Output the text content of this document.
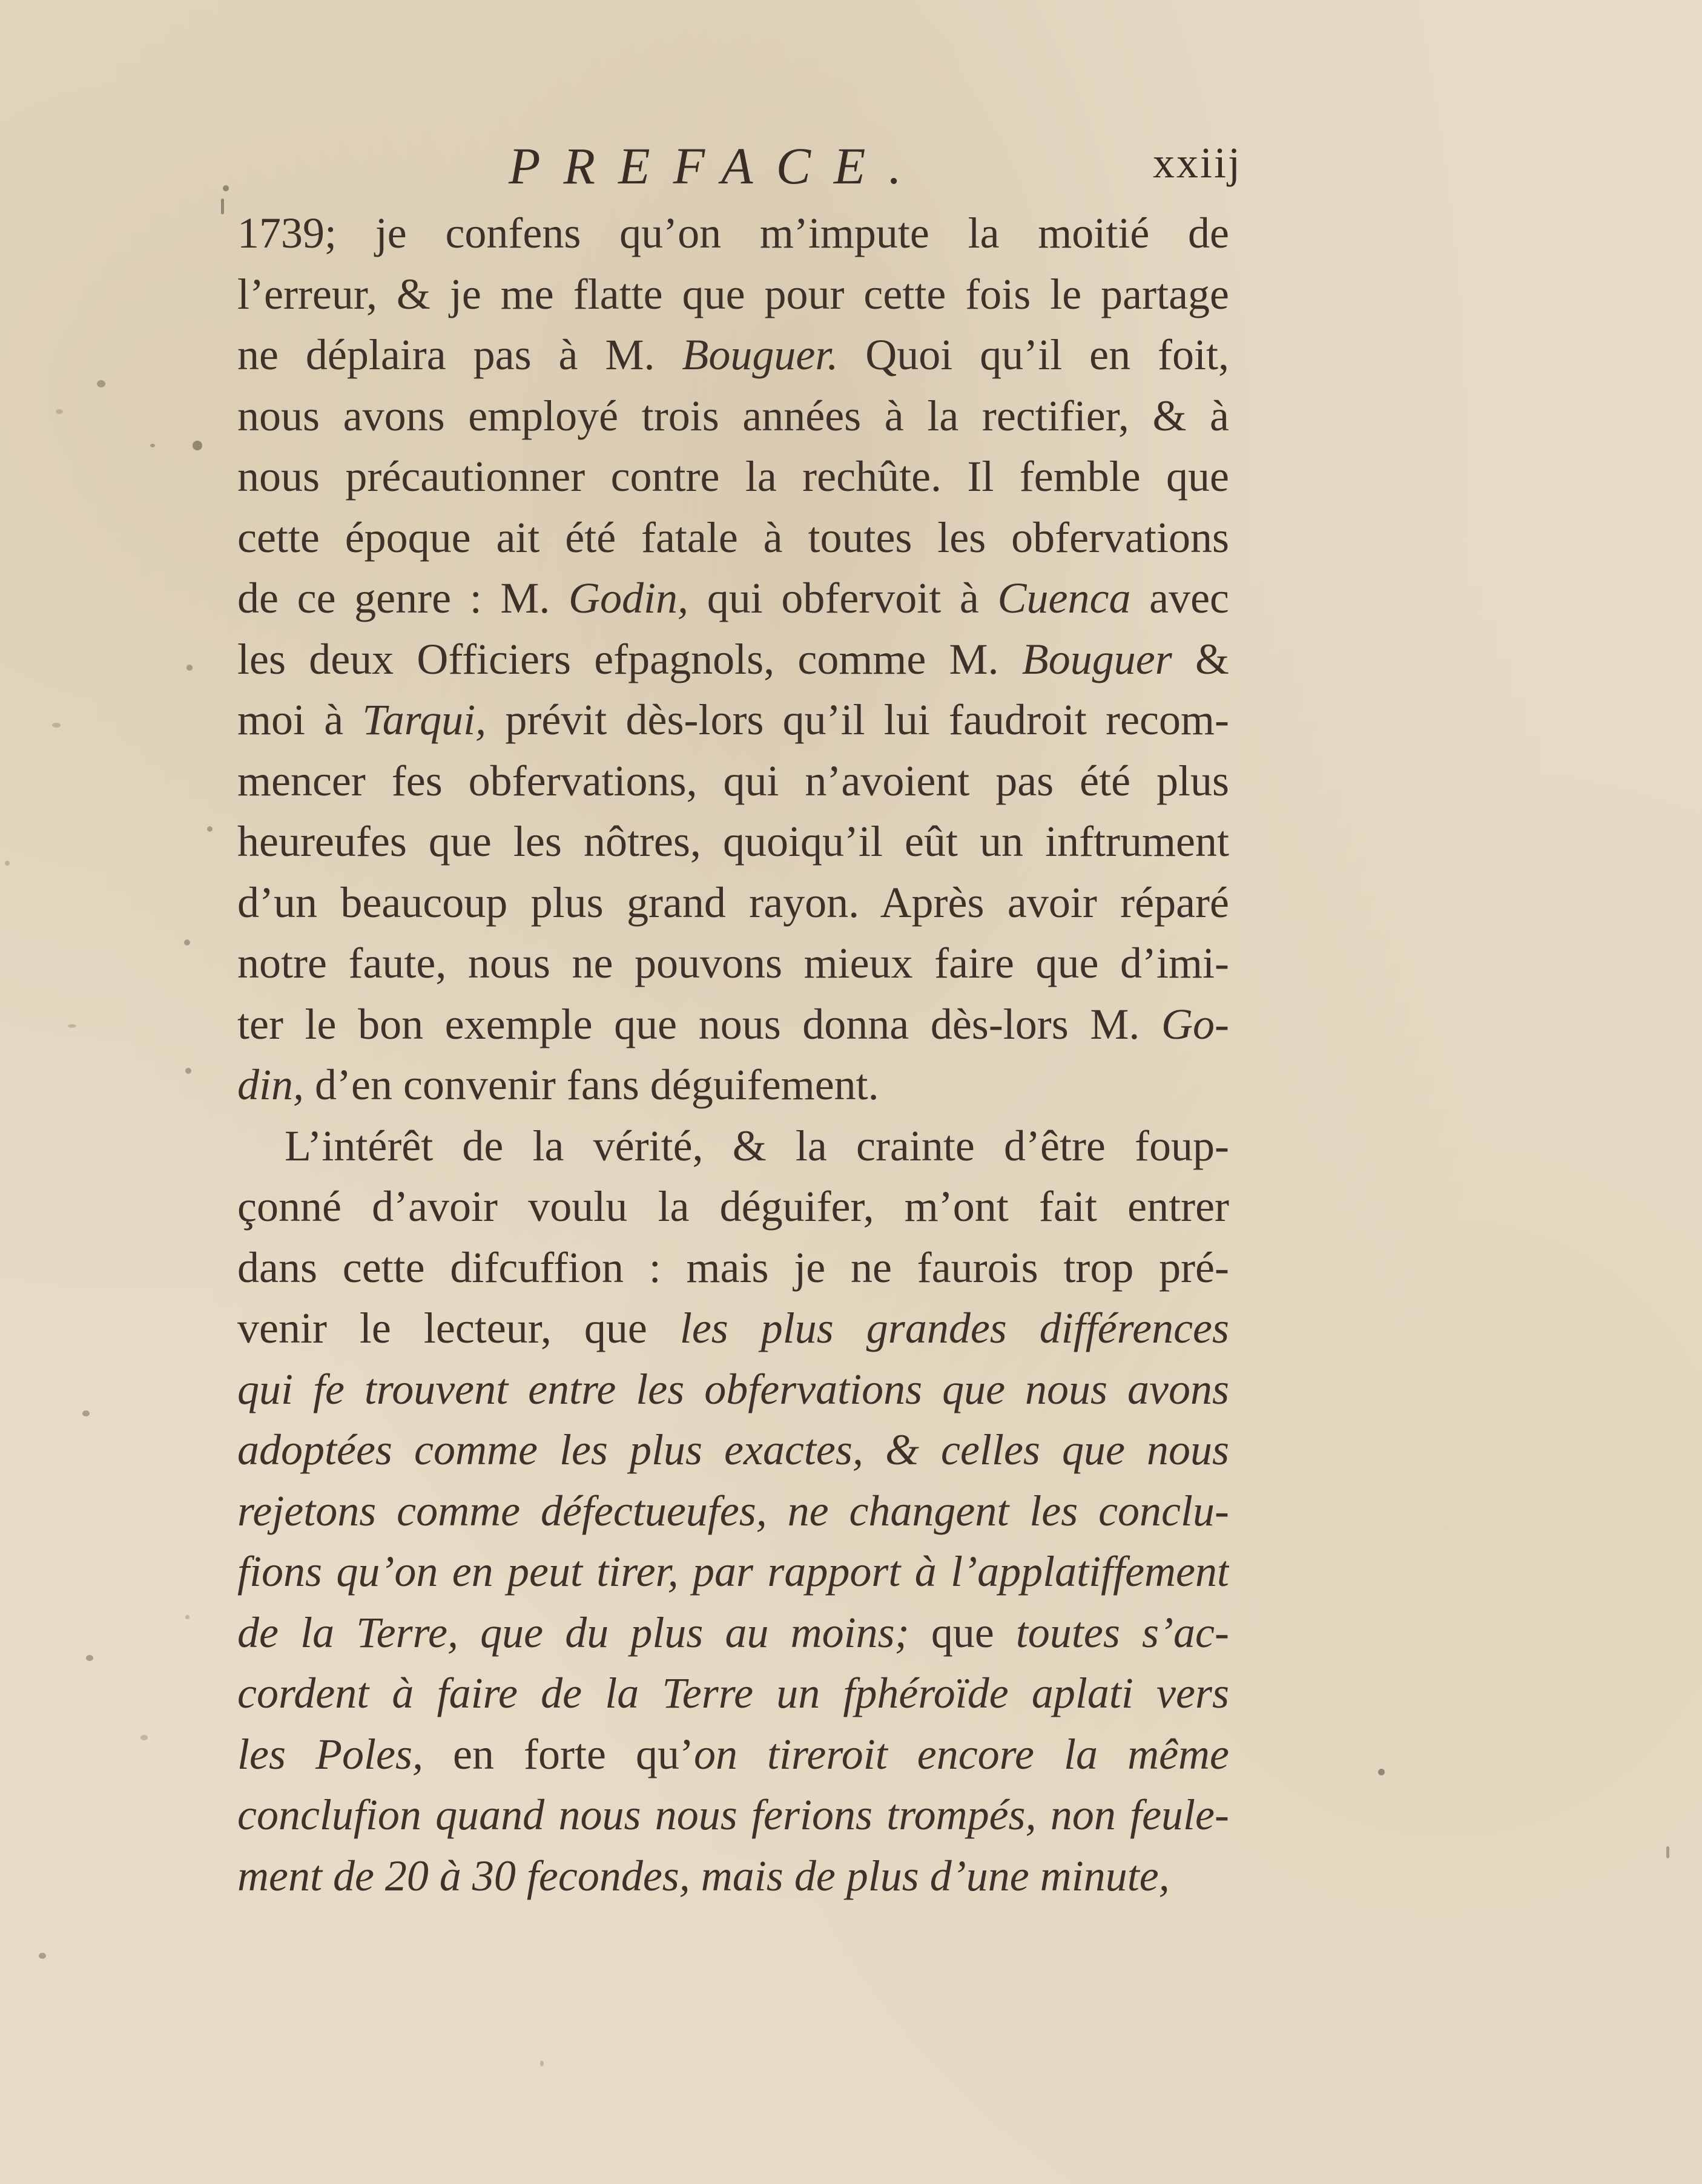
PREFACE.	xxiij
1739; je confens qu’on m’impute la moitié de
l’erreur, & je me flatte que pour cette fois le partage
ne déplaira pas à M. Bouguer. Quoi qu’il en foit,
nous avons employé trois années à la rectifier, & à
nous précautionner contre la rechûte. Il femble que
cette époque ait été fatale à toutes les obfervations
de ce genre : M. Godin, qui obfervoit à Cuenca avec
les deux Officiers efpagnols, comme M. Bouguer &
moi à Tarqui, prévit dès-lors qu’il lui faudroit recom-
mencer fes obfervations, qui n’avoient pas été plus
heureufes que les nôtres, quoiqu’il eût un inftrument
d’un beaucoup plus grand rayon. Après avoir réparé
notre faute, nous ne pouvons mieux faire que d’imi-
ter le bon exemple que nous donna dès-lors M. Go-
din, d’en convenir fans déguifement.
L’intérêt de la vérité, & la crainte d’être foup-
çonné d’avoir voulu la déguifer, m’ont fait entrer
dans cette difcuffion : mais je ne faurois trop pré-
venir le lecteur, que les plus grandes différences
qui fe trouvent entre les obfervations que nous avons
adoptées comme les plus exactes, & celles que nous
rejetons comme défectueufes, ne changent les conclu-
fions qu’on en peut tirer, par rapport à l’applatiffement
de la Terre, que du plus au moins; que toutes s’ac-
cordent à faire de la Terre un fphéroïde aplati vers
les Poles, en forte qu’on tireroit encore la même
conclufion quand nous nous ferions trompés, non feule-
ment de 20 à 30 fecondes, mais de plus d’une minute,
